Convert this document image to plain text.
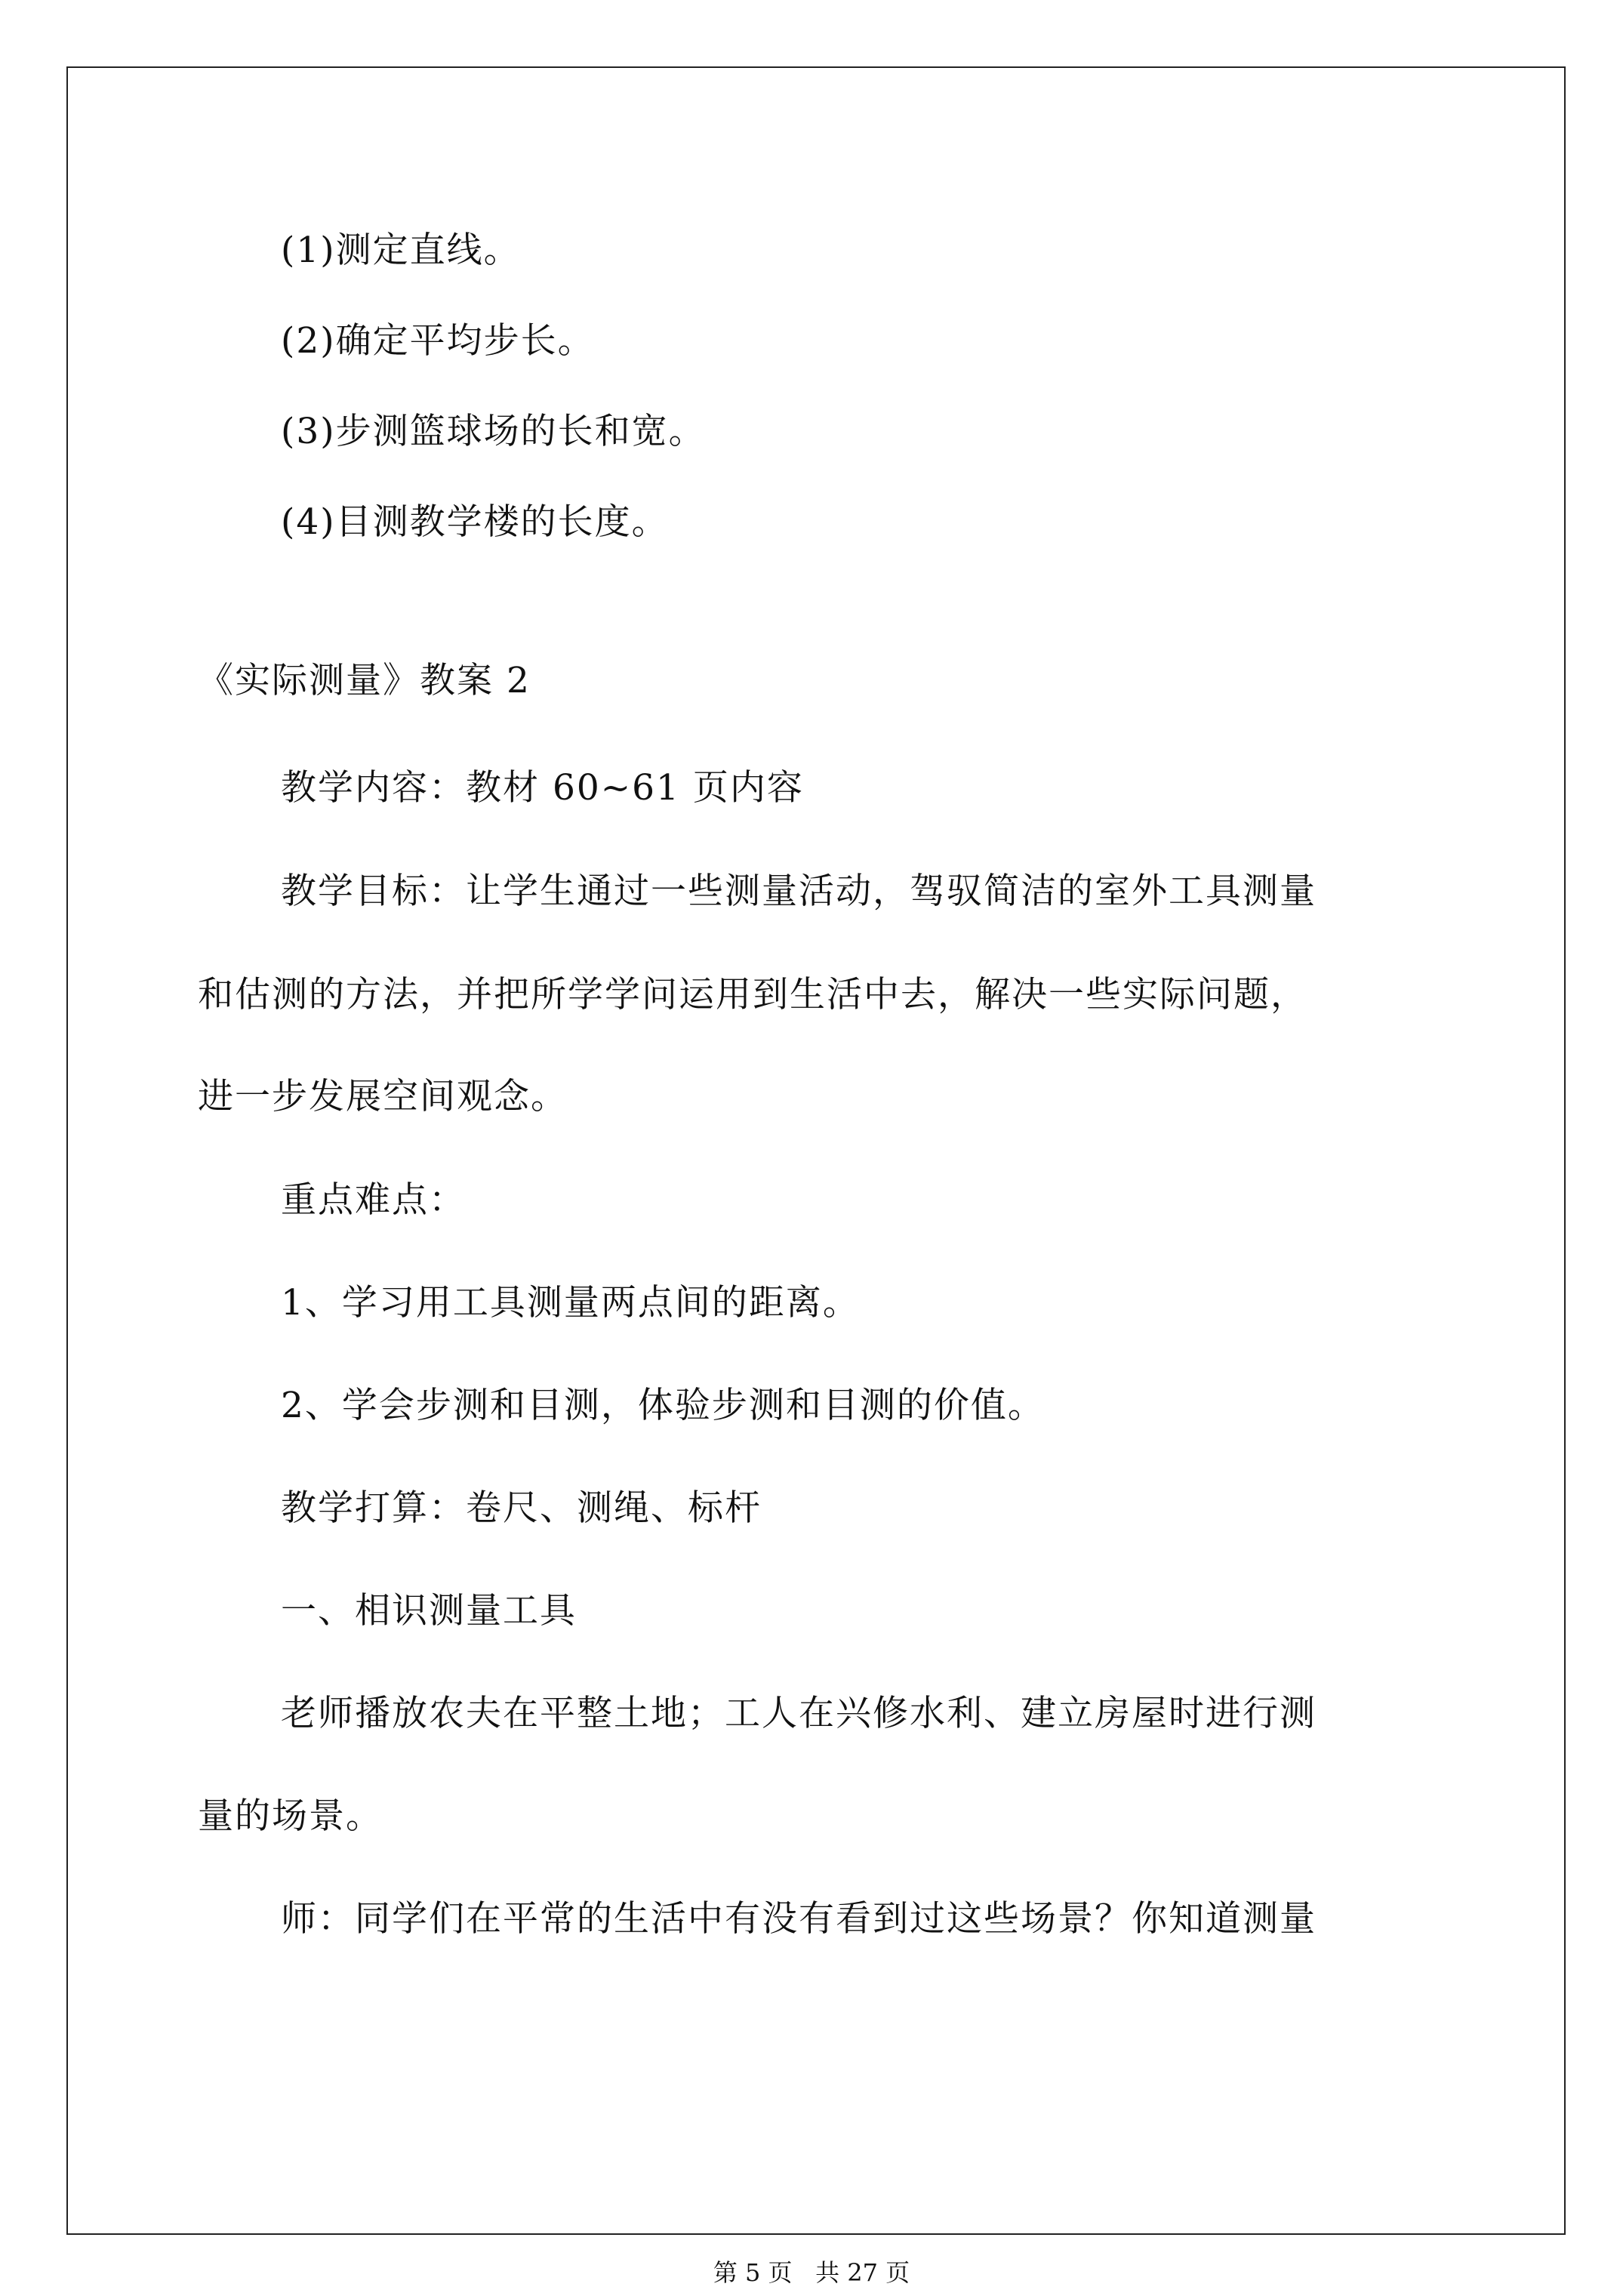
(1)测定直线。
(2)确定平均步长。
(3)步测篮球场的长和宽。
(4)目测教学楼的长度。
《实际测量》教案 2
教学内容：教材 60~61 页内容
教学目标：让学生通过一些测量活动，驾驭简洁的室外工具测量
和估测的方法，并把所学学问运用到生活中去，解决一些实际问题，
进一步发展空间观念。
重点难点：
1、学习用工具测量两点间的距离。
2、学会步测和目测，体验步测和目测的价值。
教学打算：卷尺、测绳、标杆
一、相识测量工具
老师播放农夫在平整土地；工人在兴修水利、建立房屋时进行测
量的场景。
师：同学们在平常的生活中有没有看到过这些场景？你知道测量
第 5 页   共 27 页
